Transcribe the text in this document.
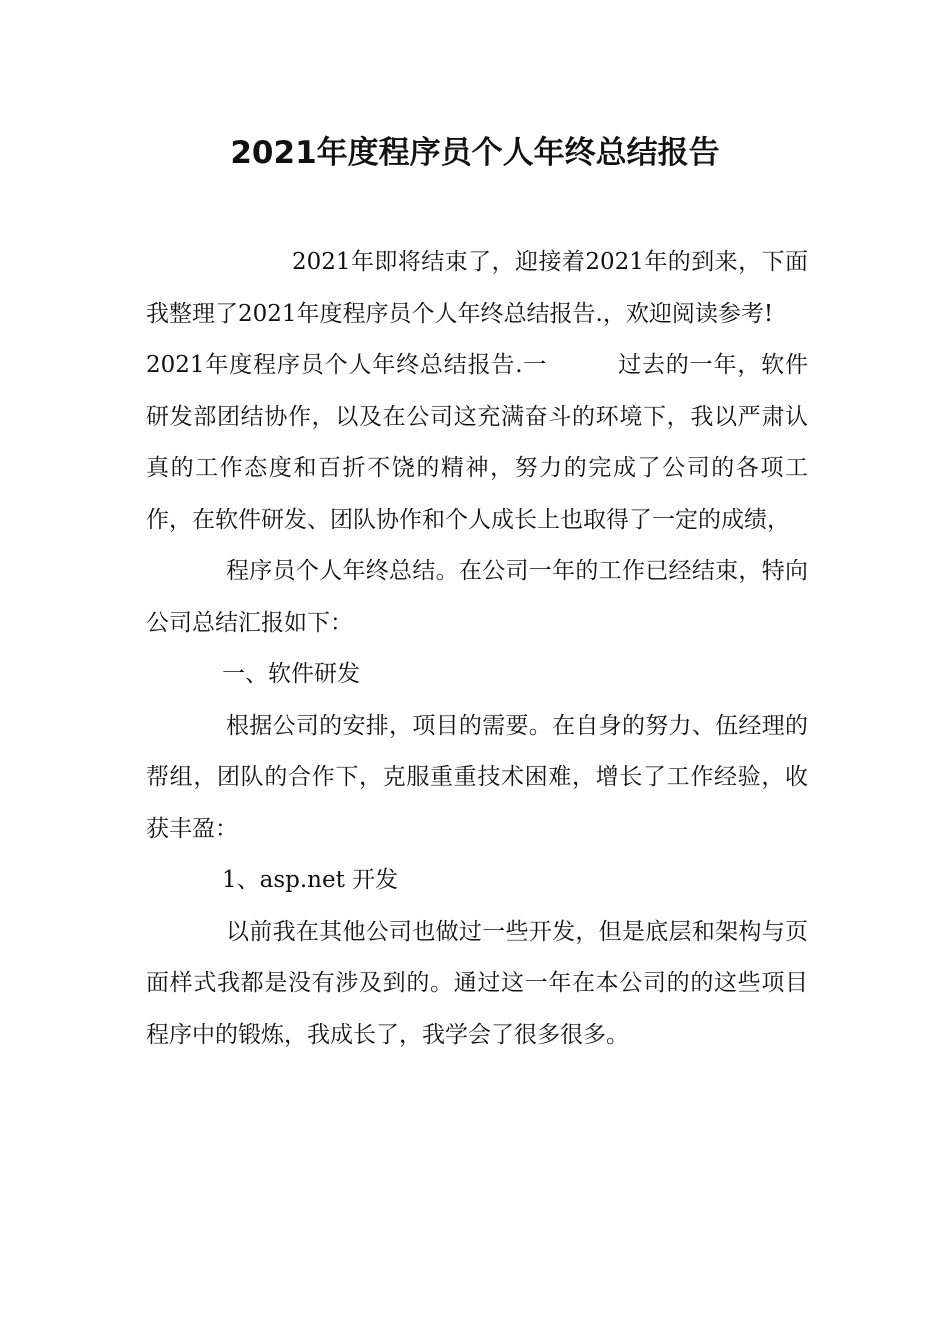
2021年度程序员个人年终总结报告

2021年即将结束了，迎接着2021年的到来，下面我整理了2021年度程序员个人年终总结报告.，欢迎阅读参考!

2021年度程序员个人年终总结报告.一	过去的一年，软件研发部团结协作，以及在公司这充满奋斗的环境下，我以严肃认真的工作态度和百折不饶的精神，努力的完成了公司的各项工作，在软件研发、团队协作和个人成长上也取得了一定的成绩，

程序员个人年终总结。在公司一年的工作已经结束，特向公司总结汇报如下：

一、软件研发

根据公司的安排，项目的需要。在自身的努力、伍经理的帮组，团队的合作下，克服重重技术困难，增长了工作经验，收获丰盈：

1、asp.net 开发

以前我在其他公司也做过一些开发，但是底层和架构与页面样式我都是没有涉及到的。通过这一年在本公司的的这些项目程序中的锻炼，我成长了，我学会了很多很多。
